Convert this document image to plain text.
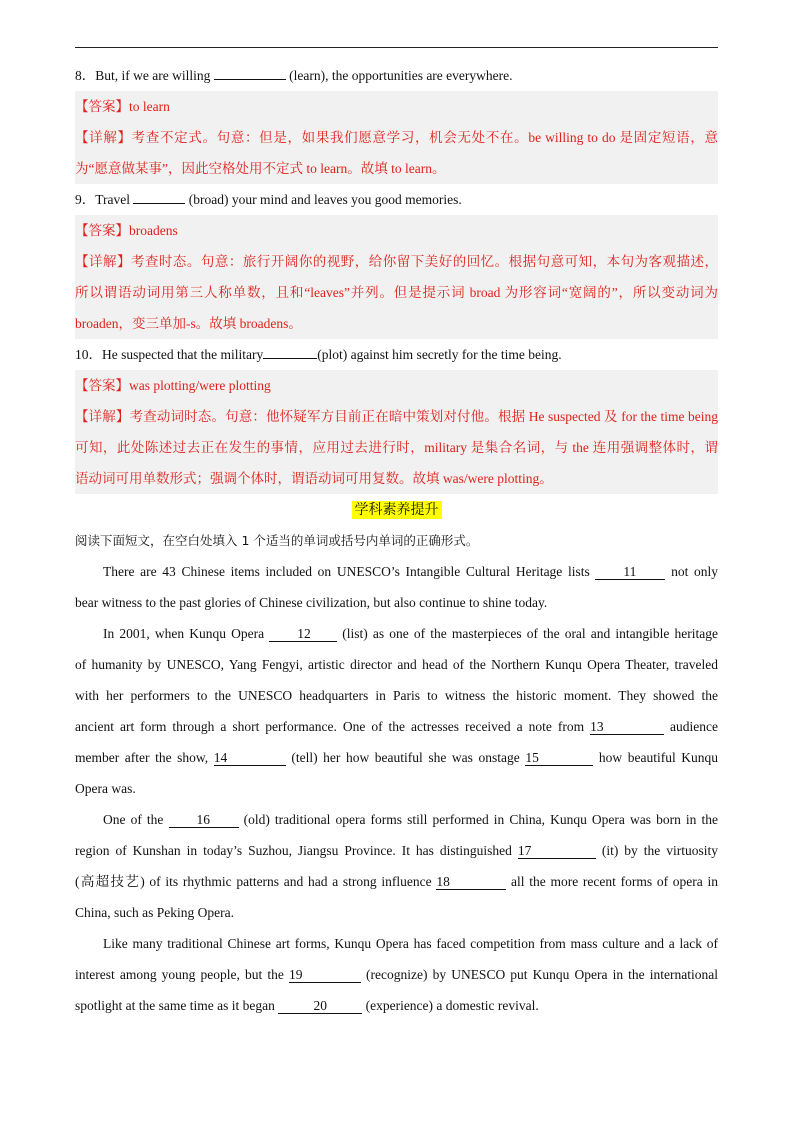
8．But, if we are willing	(learn), the opportunities are everywhere.
【答案】to learn
【详解】考查不定式。句意：但是，如果我们愿意学习，机会无处不在。be willing to do 是固定短语，意
为“愿意做某事”，因此空格处用不定式 to learn。故填 to learn。
9．Travel	(broad) your mind and leaves you good memories.
【答案】broadens
【详解】考查时态。句意：旅行开阔你的视野，给你留下美好的回忆。根据句意可知，本句为客观描述，
所以谓语动词用第三人称单数，且和“leaves”并列。但是提示词 broad 为形容词“宽阔的”，所以变动词为
broaden，变三单加-s。故填 broadens。
10．He suspected that the military	(plot) against him secretly for the time being.
【答案】was plotting/were plotting
【详解】考查动词时态。句意：他怀疑军方目前正在暗中策划对付他。根据 He suspected 及 for the time being
可知，此处陈述过去正在发生的事情，应用过去进行时，military 是集合名词，与 the 连用强调整体时，谓
语动词可用单数形式；强调个体时，谓语动词可用复数。故填 was/were plotting。
学科素养提升
阅读下面短文，在空白处填入 1 个适当的单词或括号内单词的正确形式。
There are 43 Chinese items included on UNESCO’s Intangible Cultural Heritage lists 11 not only
bear witness to the past glories of Chinese civilization, but also continue to shine today.
In 2001, when Kunqu Opera 12 (list) as one of the masterpieces of the oral and intangible heritage
of humanity by UNESCO, Yang Fengyi, artistic director and head of the Northern Kunqu Opera Theater, traveled
with her performers to the UNESCO headquarters in Paris to witness the historic moment. They showed the
ancient art form through a short performance. One of the actresses received a note from 13	audience
member after the show, 14	(tell) her how beautiful she was onstage 15	how beautiful Kunqu
Opera was.
One of the 16 (old) traditional opera forms still performed in China, Kunqu Opera was born in the
region of Kunshan in today’s Suzhou, Jiangsu Province. It has distinguished 17	(it) by the virtuosity
(高超技艺) of its rhythmic patterns and had a strong influence 18	all the more recent forms of opera in
China, such as Peking Opera.
Like many traditional Chinese art forms, Kunqu Opera has faced competition from mass culture and a lack of
interest among young people, but the 19	(recognize) by UNESCO put Kunqu Opera in the international
spotlight at the same time as it began	20	(experience) a domestic revival.
